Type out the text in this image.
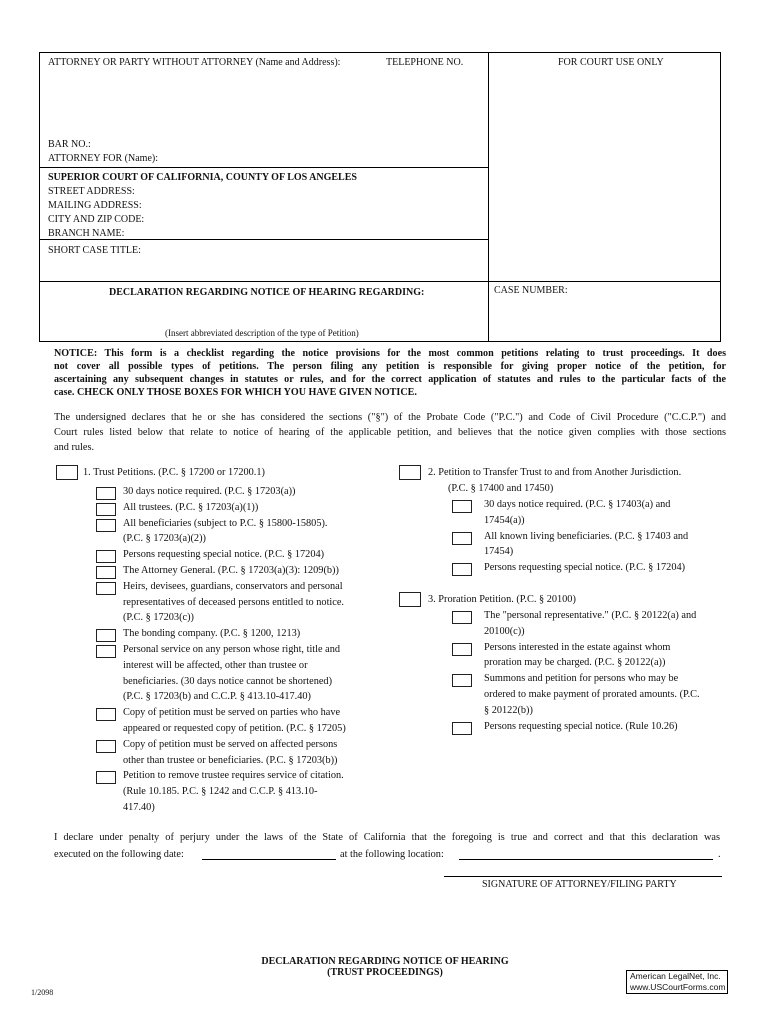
ATTORNEY OR PARTY WITHOUT ATTORNEY (Name and Address):	TELEPHONE NO.	FOR COURT USE ONLY
BAR NO.:
ATTORNEY FOR (Name):
SUPERIOR COURT OF CALIFORNIA, COUNTY OF LOS ANGELES
STREET ADDRESS:
MAILING ADDRESS:
CITY AND ZIP CODE:
BRANCH NAME:
SHORT CASE TITLE:
DECLARATION REGARDING NOTICE OF HEARING REGARDING:
(Insert abbreviated description of the type of Petition)
CASE NUMBER:
NOTICE: This form is a checklist regarding the notice provisions for the most common petitions relating to trust proceedings. It does
not cover all possible types of petitions. The person filing any petition is responsible for giving proper notice of the petition, for
ascertaining any subsequent changes in statutes or rules, and for the correct application of statutes and rules to the particular facts of the
case. CHECK ONLY THOSE BOXES FOR WHICH YOU HAVE GIVEN NOTICE.
The undersigned declares that he or she has considered the sections ("§") of the Probate Code ("P.C.") and Code of Civil Procedure ("C.C.P.") and
Court rules listed below that relate to notice of hearing of the applicable petition, and believes that the notice given complies with those sections
and rules.
1. Trust Petitions. (P.C. § 17200 or 17200.1)
30 days notice required. (P.C. § 17203(a))
All trustees. (P.C. § 17203(a)(1))
All beneficiaries (subject to P.C. § 15800-15805).
(P.C. § 17203(a)(2))
Persons requesting special notice. (P.C. § 17204)
The Attorney General. (P.C. § 17203(a)(3): 1209(b))
Heirs, devisees, guardians, conservators and personal
representatives of deceased persons entitled to notice.
(P.C. § 17203(c))
The bonding company. (P.C. § 1200, 1213)
Personal service on any person whose right, title and
interest will be affected, other than trustee or
beneficiaries. (30 days notice cannot be shortened)
(P.C. § 17203(b) and C.C.P. § 413.10-417.40)
Copy of petition must be served on parties who have
appeared or requested copy of petition. (P.C. § 17205)
Copy of petition must be served on affected persons
other than trustee or beneficiaries. (P.C. § 17203(b))
Petition to remove trustee requires service of citation.
(Rule 10.185. P.C. § 1242 and C.C.P. § 413.10-
417.40)
2. Petition to Transfer Trust to and from Another Jurisdiction.
(P.C. § 17400 and 17450)
30 days notice required. (P.C. § 17403(a) and
17454(a))
All known living beneficiaries. (P.C. § 17403 and
17454)
Persons requesting special notice. (P.C. § 17204)
3. Proration Petition. (P.C. § 20100)
The "personal representative." (P.C. § 20122(a) and
20100(c))
Persons interested in the estate against whom
proration may be charged. (P.C. § 20122(a))
Summons and petition for persons who may be
ordered to make payment of prorated amounts. (P.C.
§ 20122(b))
Persons requesting special notice. (Rule 10.26)
I declare under penalty of perjury under the laws of the State of California that the foregoing is true and correct and that this declaration was
executed on the following date:	at the following location:	.
SIGNATURE OF ATTORNEY/FILING PARTY
DECLARATION REGARDING NOTICE OF HEARING
(TRUST PROCEEDINGS)
1/2098
American LegalNet, Inc.
www.USCourtForms.com
